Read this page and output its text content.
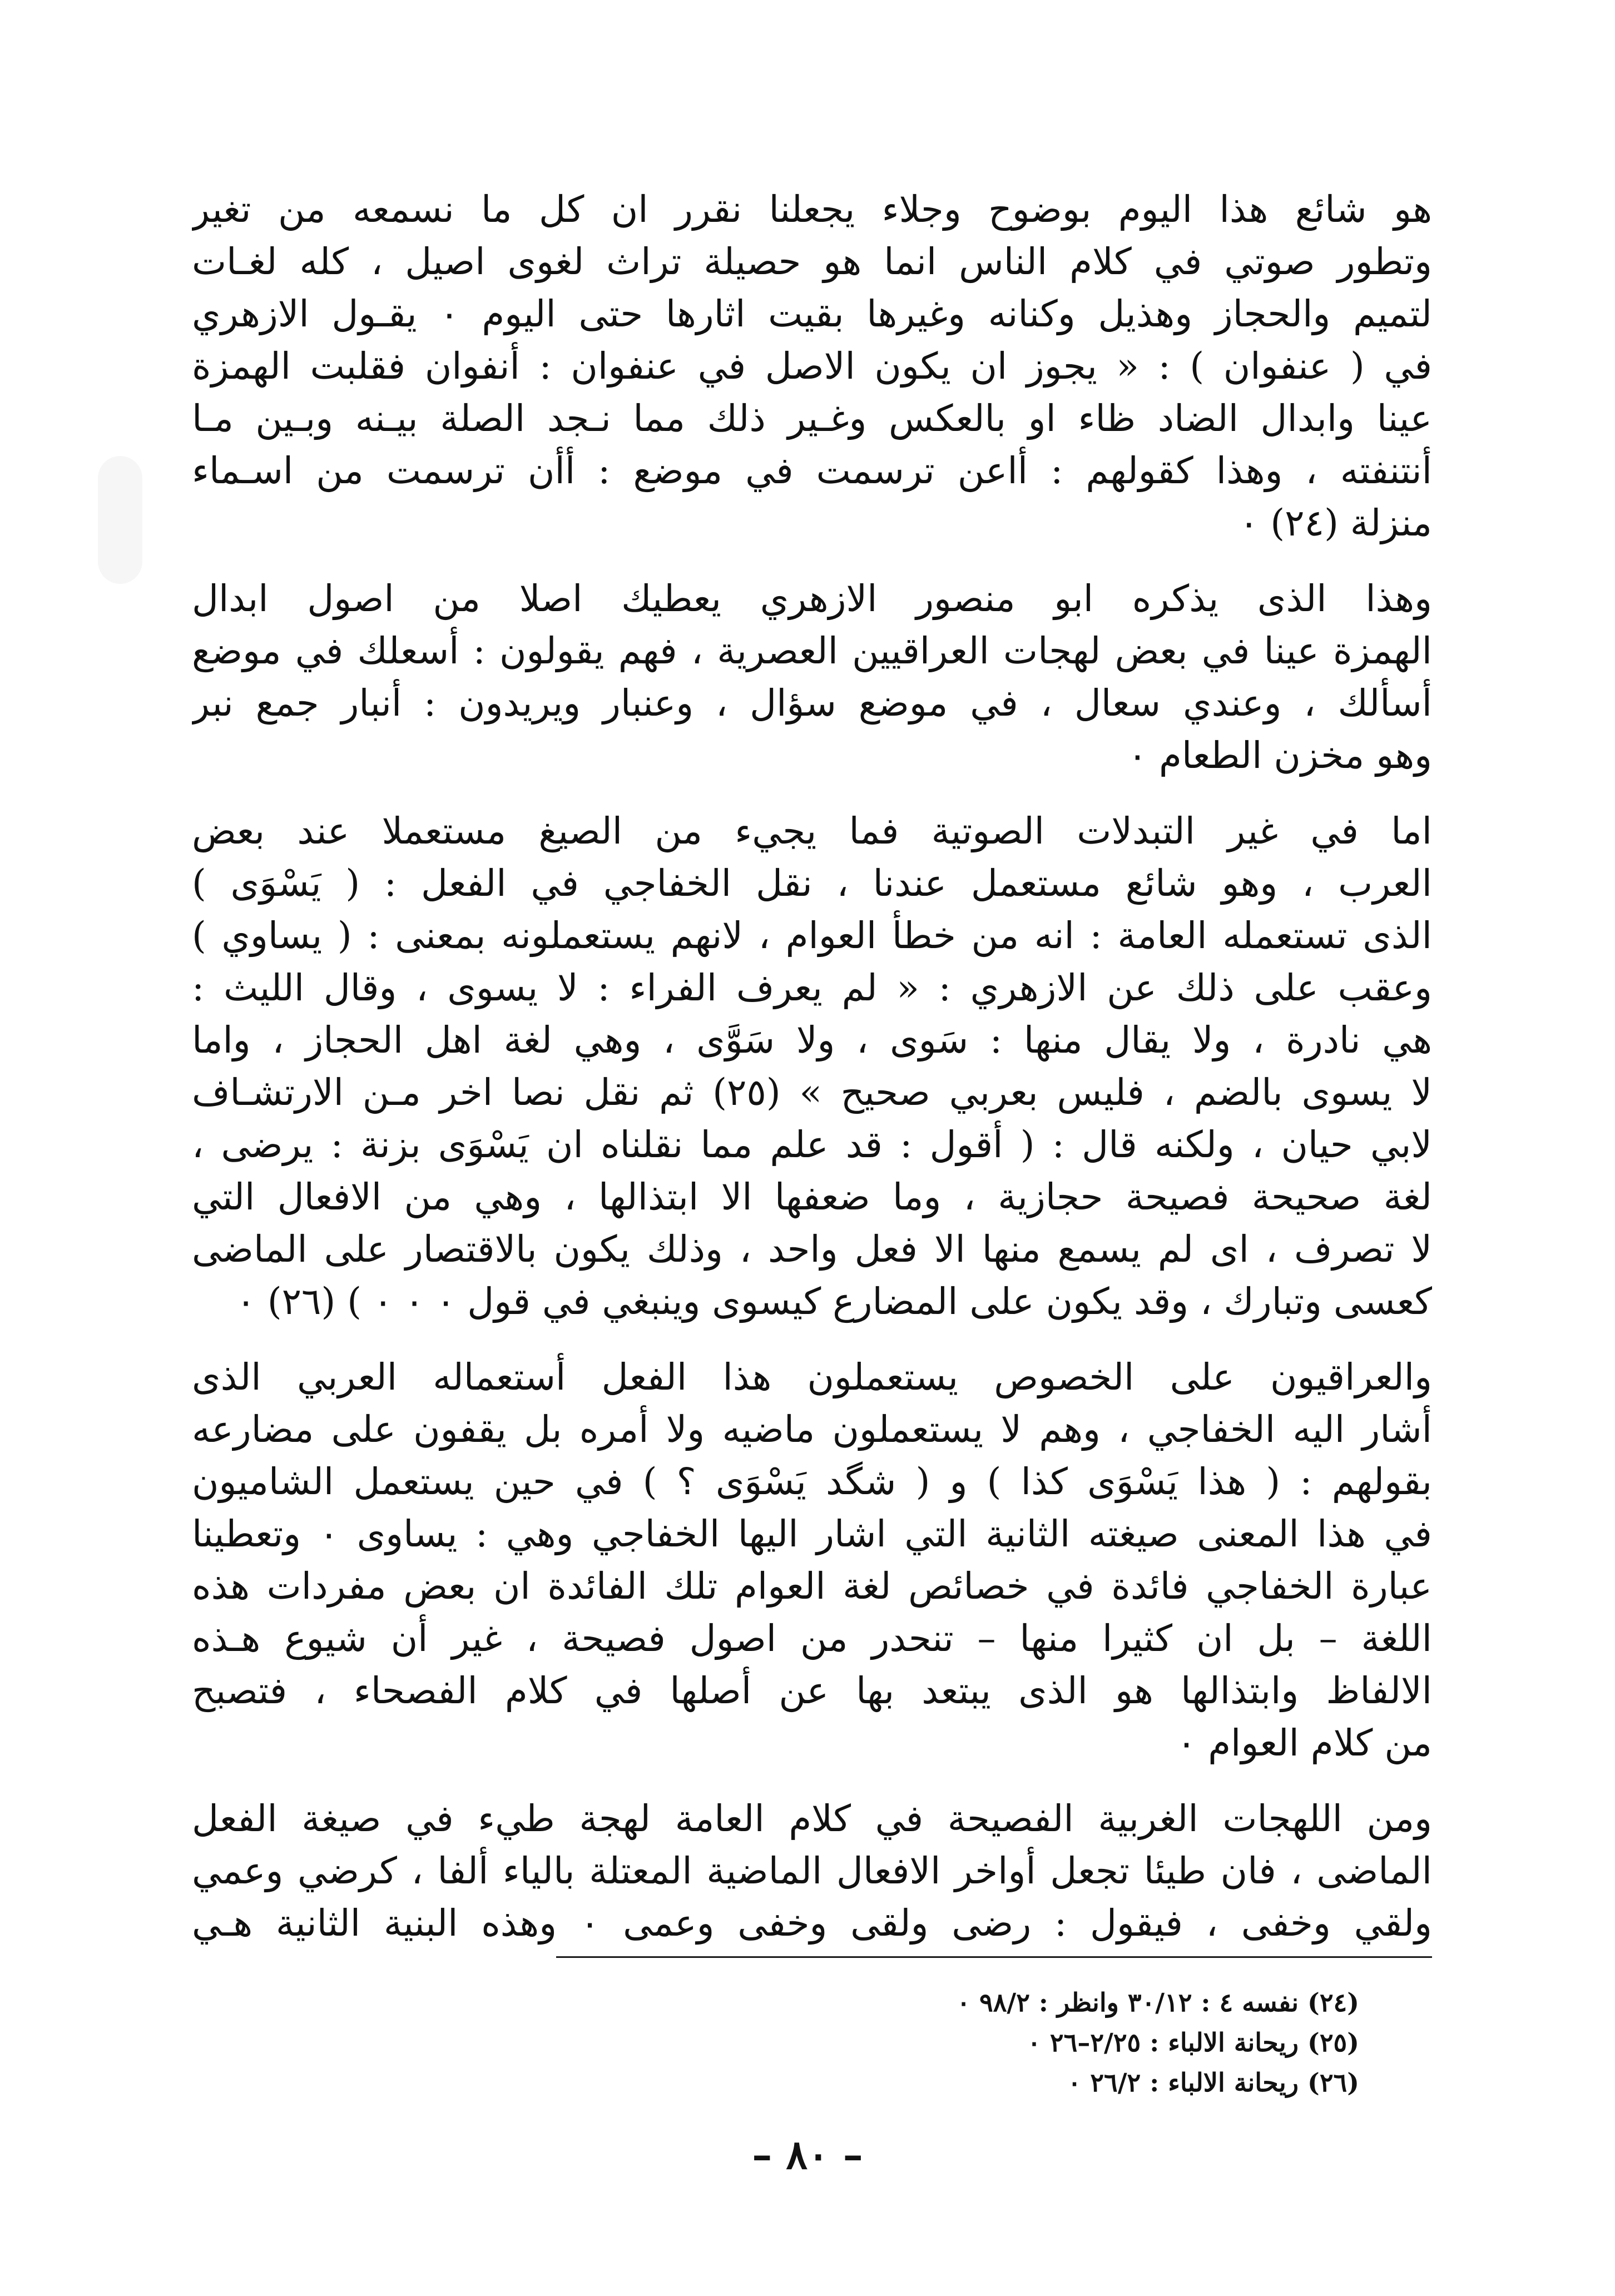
هو شائع هذا اليوم بوضوح وجلاء يجعلنا نقرر ان كل ما نسمعه من تغير
وتطور صوتي في كلام الناس انما هو حصيلة تراث لغوى اصيل ، كله لغـات
لتميم والحجاز وهذيل وكنانه وغيرها بقيت اثارها حتى اليوم ٠ يقـول الازهري
في ( عنفوان ) : « يجوز ان يكون الاصل في عنفوان : أنفوان فقلبت الهمزة
عينا وابدال الضاد ظاء او بالعكس وغـير ذلك مما نـجد الصلة بيـنه وبـين مـا
أنتنفته ، وهذا كقولهم : أاعن ترسمت في موضع : أأن ترسمت من اسـماء
منزلة (٢٤) ٠
وهذا الذى يذكره ابو منصور الازهري يعطيك اصلا من اصول ابدال
الهمزة عينا في بعض لهجات العراقيين العصرية ، فهم يقولون : أسعلك في موضع
أسألك ، وعندي سعال ، في موضع سؤال ، وعنبار ويريدون : أنبار جمع نبر
وهو مخزن الطعام ٠
اما في غير التبدلات الصوتية فما يجيء من الصيغ مستعملا عند بعض
العرب ، وهو شائع مستعمل عندنا ، نقل الخفاجي في الفعل : ( يَسْوَى )
الذى تستعمله العامة : انه من خطأ العوام ، لانهم يستعملونه بمعنى : ( يساوي )
وعقب على ذلك عن الازهري : « لم يعرف الفراء : لا يسوى ، وقال الليث :
هي نادرة ، ولا يقال منها : سَوى ، ولا سَوَّى ، وهي لغة اهل الحجاز ، واما
لا يسوى بالضم ، فليس بعربي صحيح » (٢٥) ثم نقل نصا اخر مـن الارتشـاف
لابي حيان ، ولكنه قال : ( أقول : قد علم مما نقلناه ان يَسْوَى بزنة : يرضى ،
لغة صحيحة فصيحة حجازية ، وما ضعفها الا ابتذالها ، وهي من الافعال التي
لا تصرف ، اى لم يسمع منها الا فعل واحد ، وذلك يكون بالاقتصار على الماضى
كعسى وتبارك ، وقد يكون على المضارع كيسوى وينبغي في قول ٠ ٠ ٠ ) (٢٦) ٠
والعراقيون على الخصوص يستعملون هذا الفعل أستعماله العربي الذى
أشار اليه الخفاجي ، وهم لا يستعملون ماضيه ولا أمره بل يقفون على مضارعه
بقولهم : ( هذا يَسْوَى كذا ) و ( شگد يَسْوَى ؟ ) في حين يستعمل الشاميون
في هذا المعنى صيغته الثانية التي اشار اليها الخفاجي وهي : يساوى ٠ وتعطينا
عبارة الخفاجي فائدة في خصائص لغة العوام تلك الفائدة ان بعض مفردات هذه
اللغة – بل ان كثيرا منها – تنحدر من اصول فصيحة ، غير أن شيوع هـذه
الالفاظ وابتذالها هو الذى يبتعد بها عن أصلها في كلام الفصحاء ، فتصبح
من كلام العوام ٠
ومن اللهجات الغربية الفصيحة في كلام العامة لهجة طيء في صيغة الفعل
الماضى ، فان طيئا تجعل أواخر الافعال الماضية المعتلة بالياء ألفا ، كرضي وعمي
ولقي وخفى ، فيقول : رضى ولقى وخفى وعمى ٠ وهذه البنية الثانية هـي
(٢٤) نفسه ٤ : ٣٠/١٢ وانظر : ٩٨/٢ ٠
(٢٥) ريحانة الالباء : ٢/٢٥–٢٦ ٠
(٢٦) ريحانة الالباء : ٢٦/٢ ٠
– ٨٠ –
